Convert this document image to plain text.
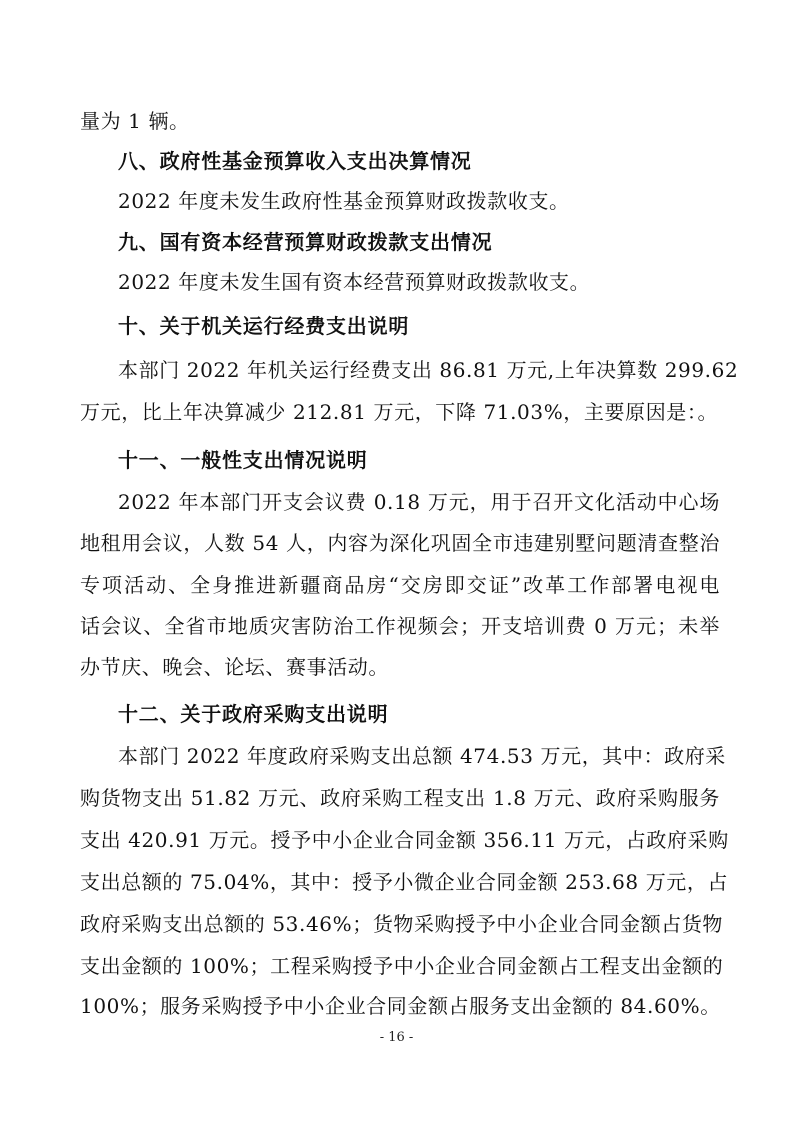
量为 1 辆。
八、政府性基金预算收入支出决算情况
2022 年度未发生政府性基金预算财政拨款收支。
九、国有资本经营预算财政拨款支出情况
2022 年度未发生国有资本经营预算财政拨款收支。
十、关于机关运行经费支出说明
本部门 2022 年机关运行经费支出 86.81 万元,上年决算数 299.62
万元，比上年决算减少 212.81 万元，下降 71.03%，主要原因是：。
十一、一般性支出情况说明
2022 年本部门开支会议费 0.18 万元，用于召开文化活动中心场
地租用会议，人数 54 人，内容为深化巩固全市违建别墅问题清查整治
专项活动、全身推进新疆商品房“交房即交证”改革工作部署电视电
话会议、全省市地质灾害防治工作视频会；开支培训费 0 万元；未举
办节庆、晚会、论坛、赛事活动。
十二、关于政府采购支出说明
本部门 2022 年度政府采购支出总额 474.53 万元，其中：政府采
购货物支出 51.82 万元、政府采购工程支出 1.8 万元、政府采购服务
支出 420.91 万元。授予中小企业合同金额 356.11 万元，占政府采购
支出总额的 75.04%，其中：授予小微企业合同金额 253.68 万元，占
政府采购支出总额的 53.46%；货物采购授予中小企业合同金额占货物
支出金额的 100%；工程采购授予中小企业合同金额占工程支出金额的
100%；服务采购授予中小企业合同金额占服务支出金额的 84.60%。
- 16 -
